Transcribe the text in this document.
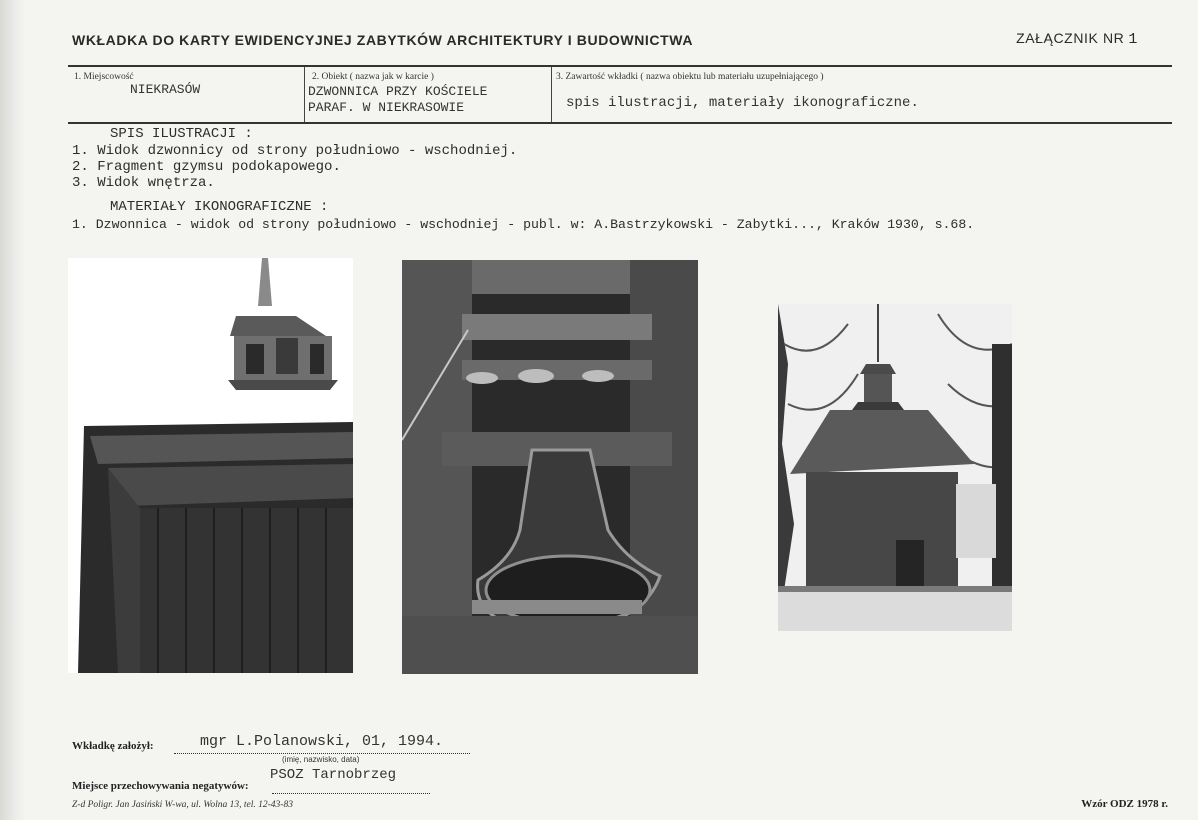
WKŁADKA DO KARTY EWIDENCYJNEJ ZABYTKÓW ARCHITEKTURY I BUDOWNICTWA	ZAŁĄCZNIK NR 1
1. Miejscowość
NIEKRASÓW
2. Obiekt ( nazwa jak w karcie )
DZWONNICA PRZY KOŚCIELE
PARAF. W NIEKRASOWIE
3. Zawartość wkładki ( nazwa obiektu lub materiału uzupełniającego )
spis ilustracji, materiały ikonograficzne.
SPIS ILUSTRACJI :
1. Widok dzwonnicy od strony południowo - wschodniej.
2. Fragment gzymsu podokapowego.
3. Widok wnętrza.
MATERIAŁY IKONOGRAFICZNE :
1. Dzwonnica - widok od strony południowo - wschodniej - publ. w: A.Bastrzykowski - Zabytki..., Kraków 1930, s.68.
Wkładkę założył:	mgr L.Polanowski, 01, 1994.
(imię, nazwisko, data)
PSOZ Tarnobrzeg
Miejsce przechowywania negatywów:
Z-d Poligr. Jan Jasiński W-wa, ul. Wolna 13, tel. 12-43-83	Wzór ODZ 1978 r.
